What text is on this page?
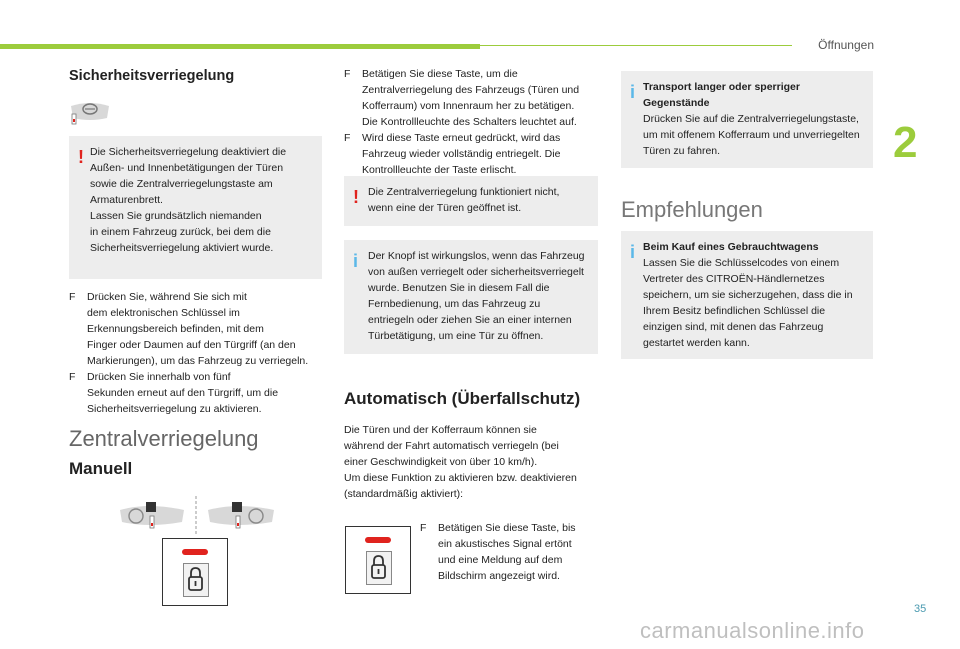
Öffnungen
2
Sicherheitsverriegelung
! Die Sicherheitsverriegelung deaktiviert die
Außen- und Innenbetätigungen der Türen
sowie die Zentralverriegelungstaste am
Armaturenbrett.
Lassen Sie grundsätzlich niemanden
in einem Fahrzeug zurück, bei dem die
Sicherheitsverriegelung aktiviert wurde.
F	Drücken Sie, während Sie sich mit
dem elektronischen Schlüssel im
Erkennungsbereich befinden, mit dem
Finger oder Daumen auf den Türgriff (an den
Markierungen), um das Fahrzeug zu verriegeln.
F	Drücken Sie innerhalb von fünf
Sekunden erneut auf den Türgriff, um die
Sicherheitsverriegelung zu aktivieren.
Zentralverriegelung
Manuell
F	Betätigen Sie diese Taste, um die
Zentralverriegelung des Fahrzeugs (Türen und
Kofferraum) vom Innenraum her zu betätigen.
Die Kontrollleuchte des Schalters leuchtet auf.
F	Wird diese Taste erneut gedrückt, wird das
Fahrzeug wieder vollständig entriegelt. Die
Kontrollleuchte der Taste erlischt.
! Die Zentralverriegelung funktioniert nicht,
wenn eine der Türen geöffnet ist.
i Der Knopf ist wirkungslos, wenn das Fahrzeug
von außen verriegelt oder sicherheitsverriegelt
wurde. Benutzen Sie in diesem Fall die
Fernbedienung, um das Fahrzeug zu
entriegeln oder ziehen Sie an einer internen
Türbetätigung, um eine Tür zu öffnen.
Automatisch (Überfallschutz)
Die Türen und der Kofferraum können sie
während der Fahrt automatisch verriegeln (bei
einer Geschwindigkeit von über 10 km/h).
Um diese Funktion zu aktivieren bzw. deaktivieren
(standardmäßig aktiviert):
F	Betätigen Sie diese Taste, bis
ein akustisches Signal ertönt
und eine Meldung auf dem
Bildschirm angezeigt wird.
i Transport langer oder sperriger
Gegenstände
Drücken Sie auf die Zentralverriegelungstaste,
um mit offenem Kofferraum und unverriegelten
Türen zu fahren.
Empfehlungen
i Beim Kauf eines Gebrauchtwagens
Lassen Sie die Schlüsselcodes von einem
Vertreter des CITROËN-Händlernetzes
speichern, um sie sicherzugehen, dass die in
Ihrem Besitz befindlichen Schlüssel die
einzigen sind, mit denen das Fahrzeug
gestartet werden kann.
35
carmanualsonline.info
